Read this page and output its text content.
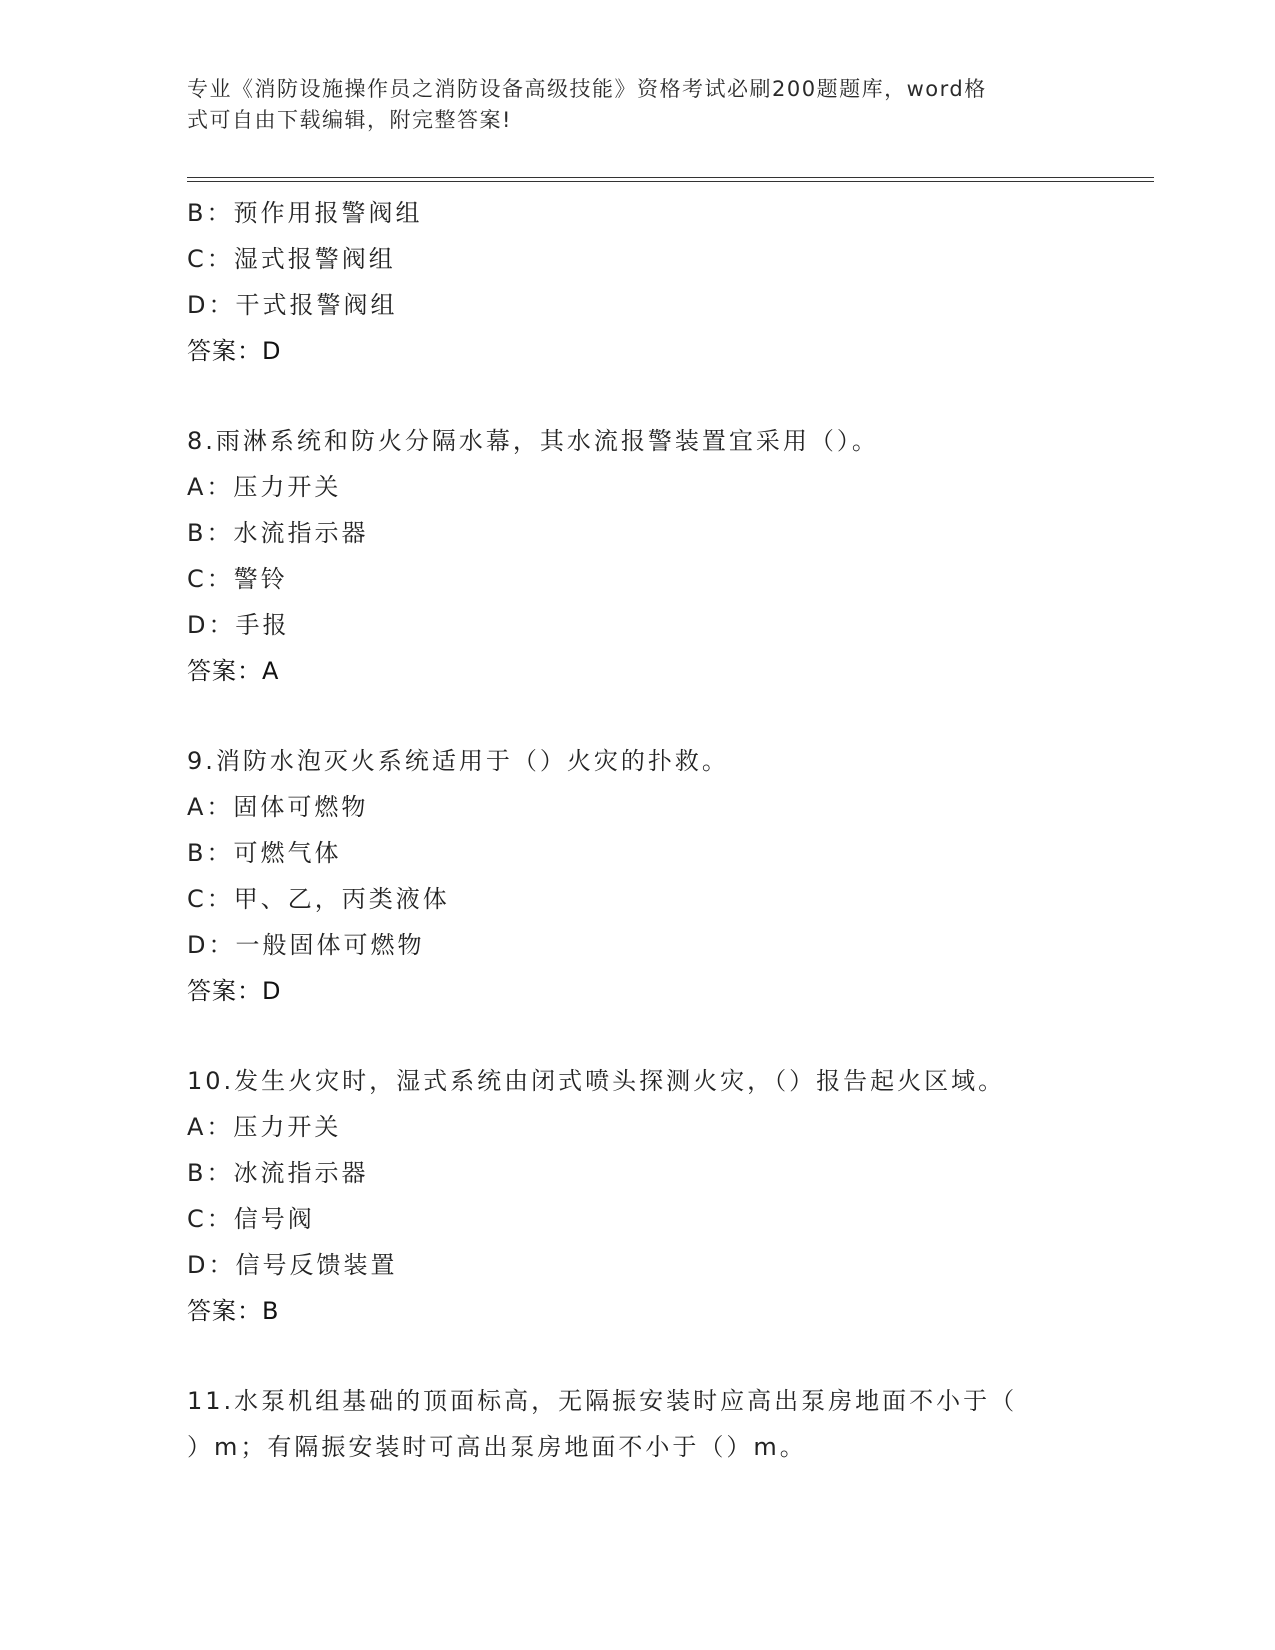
专业《消防设施操作员之消防设备高级技能》资格考试必刷200题题库，word格
式可自由下载编辑，附完整答案!
B：预作用报警阀组
C：湿式报警阀组
D：干式报警阀组
答案：D
8.雨淋系统和防火分隔水幕，其水流报警装置宜采用（）。
A：压力开关
B：水流指示器
C：警铃
D：手报
答案：A
9.消防水泡灭火系统适用于（）火灾的扑救。
A：固体可燃物
B：可燃气体
C：甲、乙，丙类液体
D：一般固体可燃物
答案：D
10.发生火灾时，湿式系统由闭式喷头探测火灾，（）报告起火区域。
A：压力开关
B：冰流指示器
C：信号阀
D：信号反馈装置
答案：B
11.水泵机组基础的顶面标高，无隔振安装时应高出泵房地面不小于（
）m；有隔振安装时可高出泵房地面不小于（）m。
